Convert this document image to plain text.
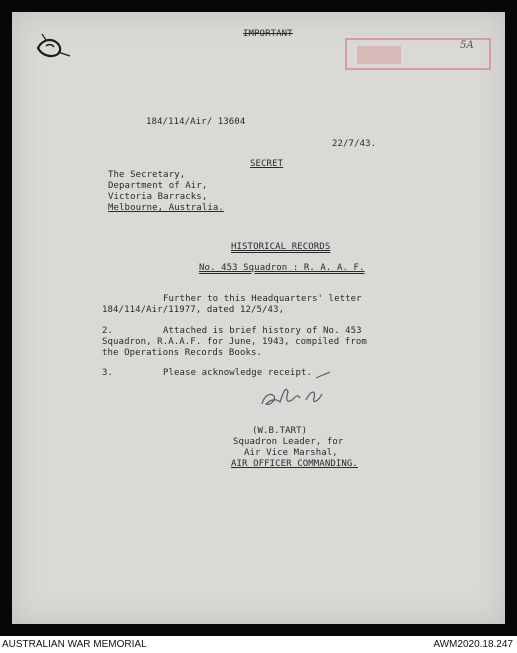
IMPORTANT
5A
184/114/Air/ 13604
22/7/43.
SECRET
The Secretary,
Department of Air,
Victoria Barracks,
Melbourne, Australia.
HISTORICAL RECORDS
No. 453 Squadron : R. A. A. F.
Further to this Headquarters' letter
184/114/Air/11977, dated 12/5/43,
2.	Attached is brief history of No. 453
Squadron, R.A.A.F. for June, 1943, compiled from
the Operations Records Books.
3.	Please acknowledge receipt.
(W.B.TART)
Squadron Leader, for
Air Vice Marshal,
AIR OFFICER COMMANDING.
AUSTRALIAN WAR MEMORIAL	AWM2020.18.247
